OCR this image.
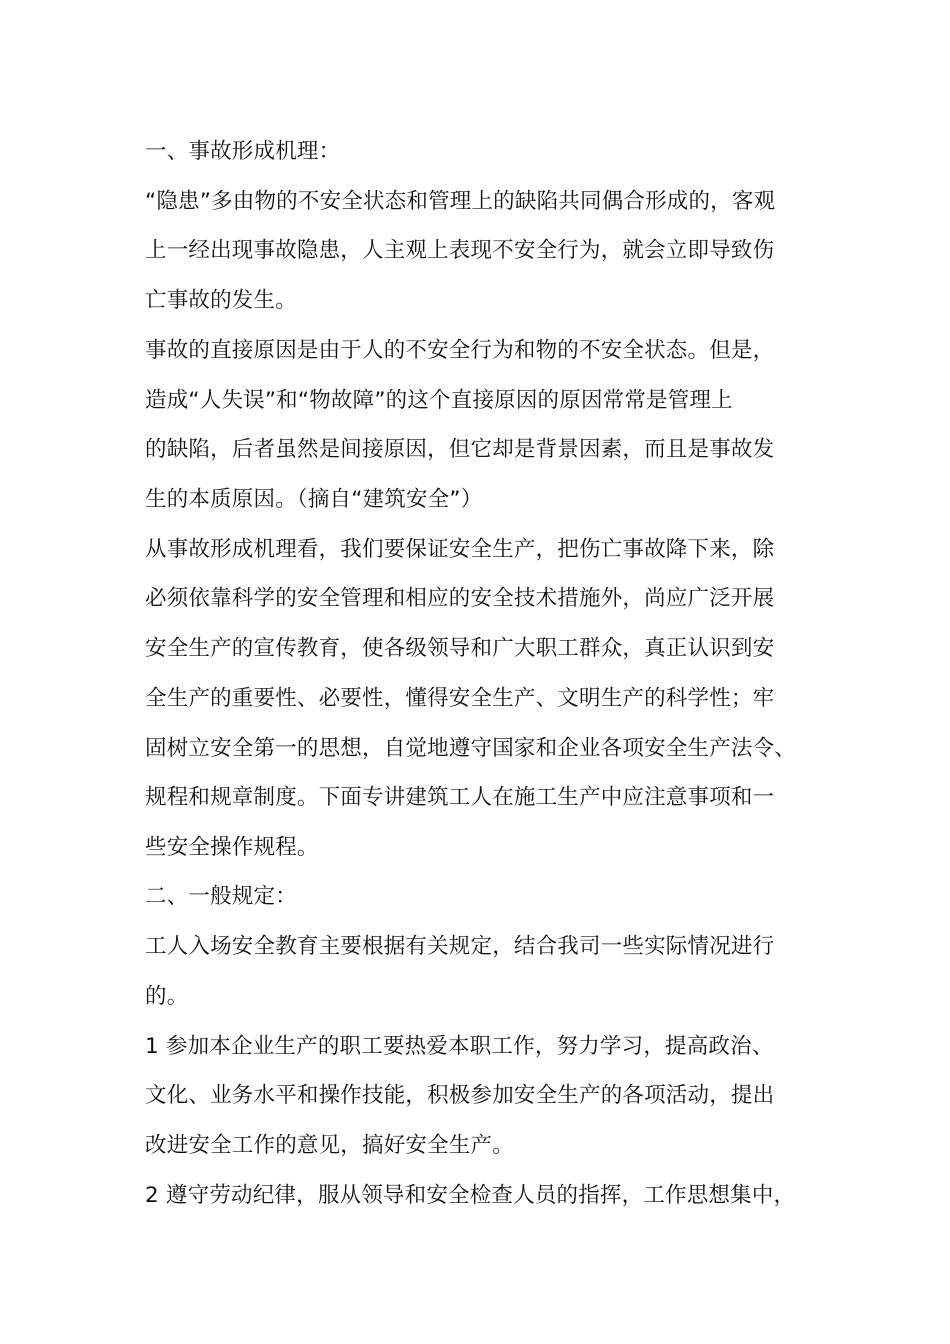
一、事故形成机理：
“隐患”多由物的不安全状态和管理上的缺陷共同偶合形成的，客观
上一经出现事故隐患，人主观上表现不安全行为，就会立即导致伤
亡事故的发生。
事故的直接原因是由于人的不安全行为和物的不安全状态。但是，
造成“人失误”和“物故障”的这个直接原因的原因常常是管理上
的缺陷，后者虽然是间接原因，但它却是背景因素，而且是事故发
生的本质原因。（摘自“建筑安全”）
从事故形成机理看，我们要保证安全生产，把伤亡事故降下来，除
必须依靠科学的安全管理和相应的安全技术措施外，尚应广泛开展
安全生产的宣传教育，使各级领导和广大职工群众，真正认识到安
全生产的重要性、必要性，懂得安全生产、文明生产的科学性；牢
固树立安全第一的思想，自觉地遵守国家和企业各项安全生产法令、
规程和规章制度。下面专讲建筑工人在施工生产中应注意事项和一
些安全操作规程。
二、一般规定：
工人入场安全教育主要根据有关规定，结合我司一些实际情况进行
的。
1 参加本企业生产的职工要热爱本职工作，努力学习，提高政治、
文化、业务水平和操作技能，积极参加安全生产的各项活动，提出
改进安全工作的意见，搞好安全生产。
2 遵守劳动纪律，服从领导和安全检查人员的指挥，工作思想集中，
